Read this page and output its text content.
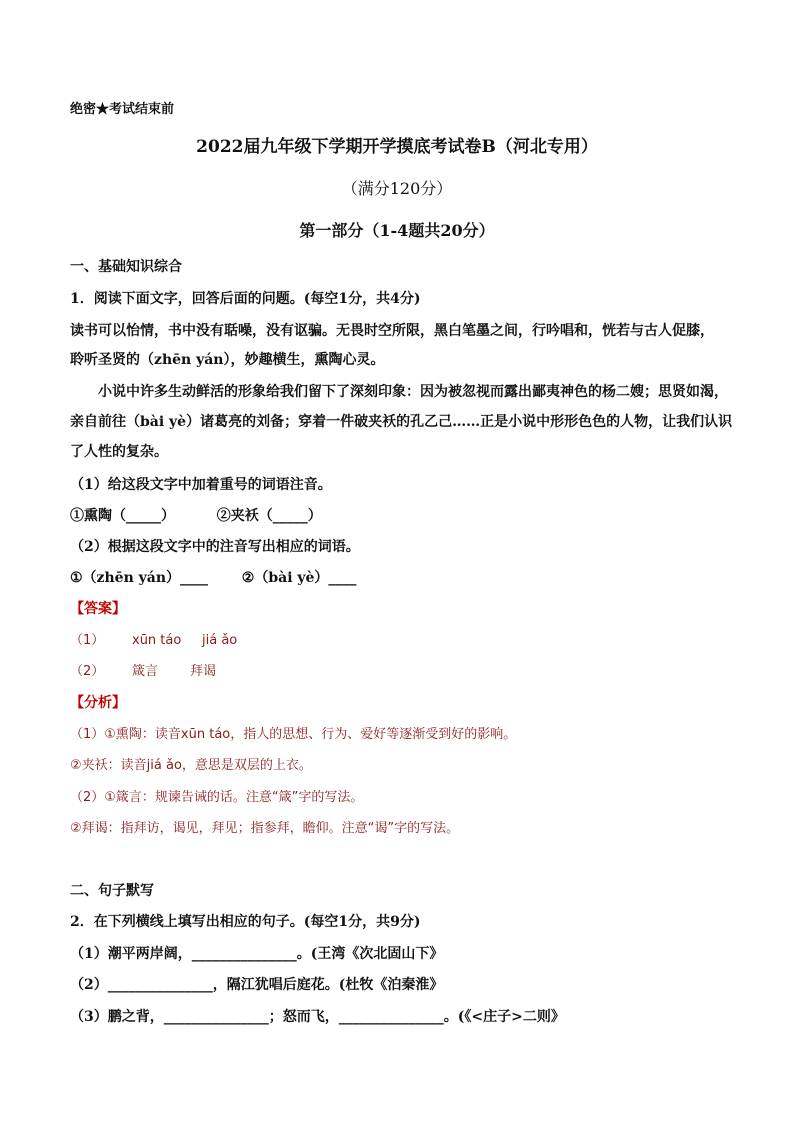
绝密★考试结束前
2022届九年级下学期开学摸底考试卷B（河北专用）
（满分120分）
第一部分（1-4题共20分）
一、基础知识综合
1．阅读下面文字，回答后面的问题。(每空1分，共4分)
读书可以怡情，书中没有聒噪，没有讴骗。无畏时空所限，黑白笔墨之间，行吟唱和，恍若与古人促膝，
聆听圣贤的（zhēn yán），妙趣横生，熏陶心灵。
小说中许多生动鲜活的形象给我们留下了深刻印象：因为被忽视而露出鄙夷神色的杨二嫂；思贤如渴，
亲自前往（bài yè）诸葛亮的刘备；穿着一件破夹袄的孔乙己……正是小说中形形色色的人物，让我们认识
了人性的复杂。
（1）给这段文字中加着重号的词语注音。
①熏陶（_____）	②夹袄（_____）
（2）根据这段文字中的注音写出相应的词语。
①（zhēn yán）____ ②（bài yè）____
【答案】
（1） xūn táo jiá ǎo
（2） 箴言 拜谒
【分析】
（1）①熏陶：读音xūn táo，指人的思想、行为、爱好等逐渐受到好的影响。
②夹袄：读音jiá ǎo，意思是双层的上衣。
（2）①箴言：规谏告诫的话。注意“箴”字的写法。
②拜谒：指拜访，谒见，拜见；指参拜，瞻仰。注意“谒”字的写法。
二、句子默写
2．在下列横线上填写出相应的句子。(每空1分，共9分)
（1）潮平两岸阔，_______________。(王湾《次北固山下》
（2）_______________，隔江犹唱后庭花。(杜牧《泊秦淮》
（3）鹏之背，_______________；怒而飞，_______________。(《<庄子>二则》
